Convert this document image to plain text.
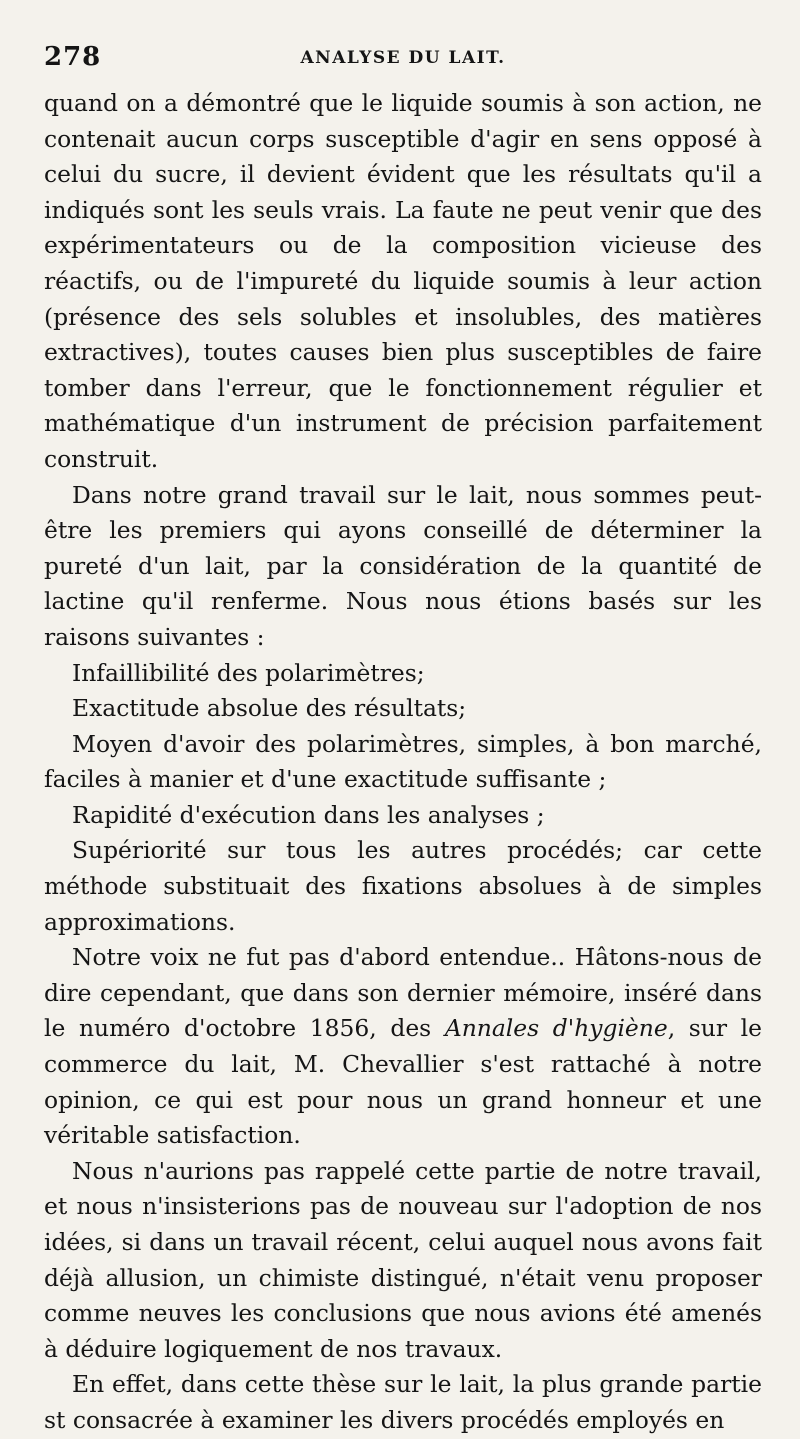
278	ANALYSE DU LAIT.

quand on a démontré que le liquide soumis à son action, ne contenait aucun corps susceptible d'agir en sens opposé à celui du sucre, il devient évident que les résultats qu'il a indiqués sont les seuls vrais. La faute ne peut venir que des expérimentateurs ou de la composition vicieuse des réactifs, ou de l'impureté du liquide soumis à leur action (présence des sels solubles et insolubles, des matières extractives), toutes causes bien plus susceptibles de faire tomber dans l'erreur, que le fonctionnement régulier et mathématique d'un instrument de précision parfaitement construit.

Dans notre grand travail sur le lait, nous sommes peut-être les premiers qui ayons conseillé de déterminer la pureté d'un lait, par la considération de la quantité de lactine qu'il renferme. Nous nous étions basés sur les raisons suivantes :

Infaillibilité des polarimètres;

Exactitude absolue des résultats;

Moyen d'avoir des polarimètres, simples, à bon marché, faciles à manier et d'une exactitude suffisante ;

Rapidité d'exécution dans les analyses ;

Supériorité sur tous les autres procédés; car cette méthode substituait des fixations absolues à de simples approximations.

Notre voix ne fut pas d'abord entendue.. Hâtons-nous de dire cependant, que dans son dernier mémoire, inséré dans le numéro d'octobre 1856, des Annales d'hygiène, sur le commerce du lait, M. Chevallier s'est rattaché à notre opinion, ce qui est pour nous un grand honneur et une véritable satisfaction.

Nous n'aurions pas rappelé cette partie de notre travail, et nous n'insisterions pas de nouveau sur l'adoption de nos idées, si dans un travail récent, celui auquel nous avons fait déjà allusion, un chimiste distingué, n'était venu proposer comme neuves les conclusions que nous avions été amenés à déduire logiquement de nos travaux.

En effet, dans cette thèse sur le lait, la plus grande partie st consacrée à examiner les divers procédés employés en
